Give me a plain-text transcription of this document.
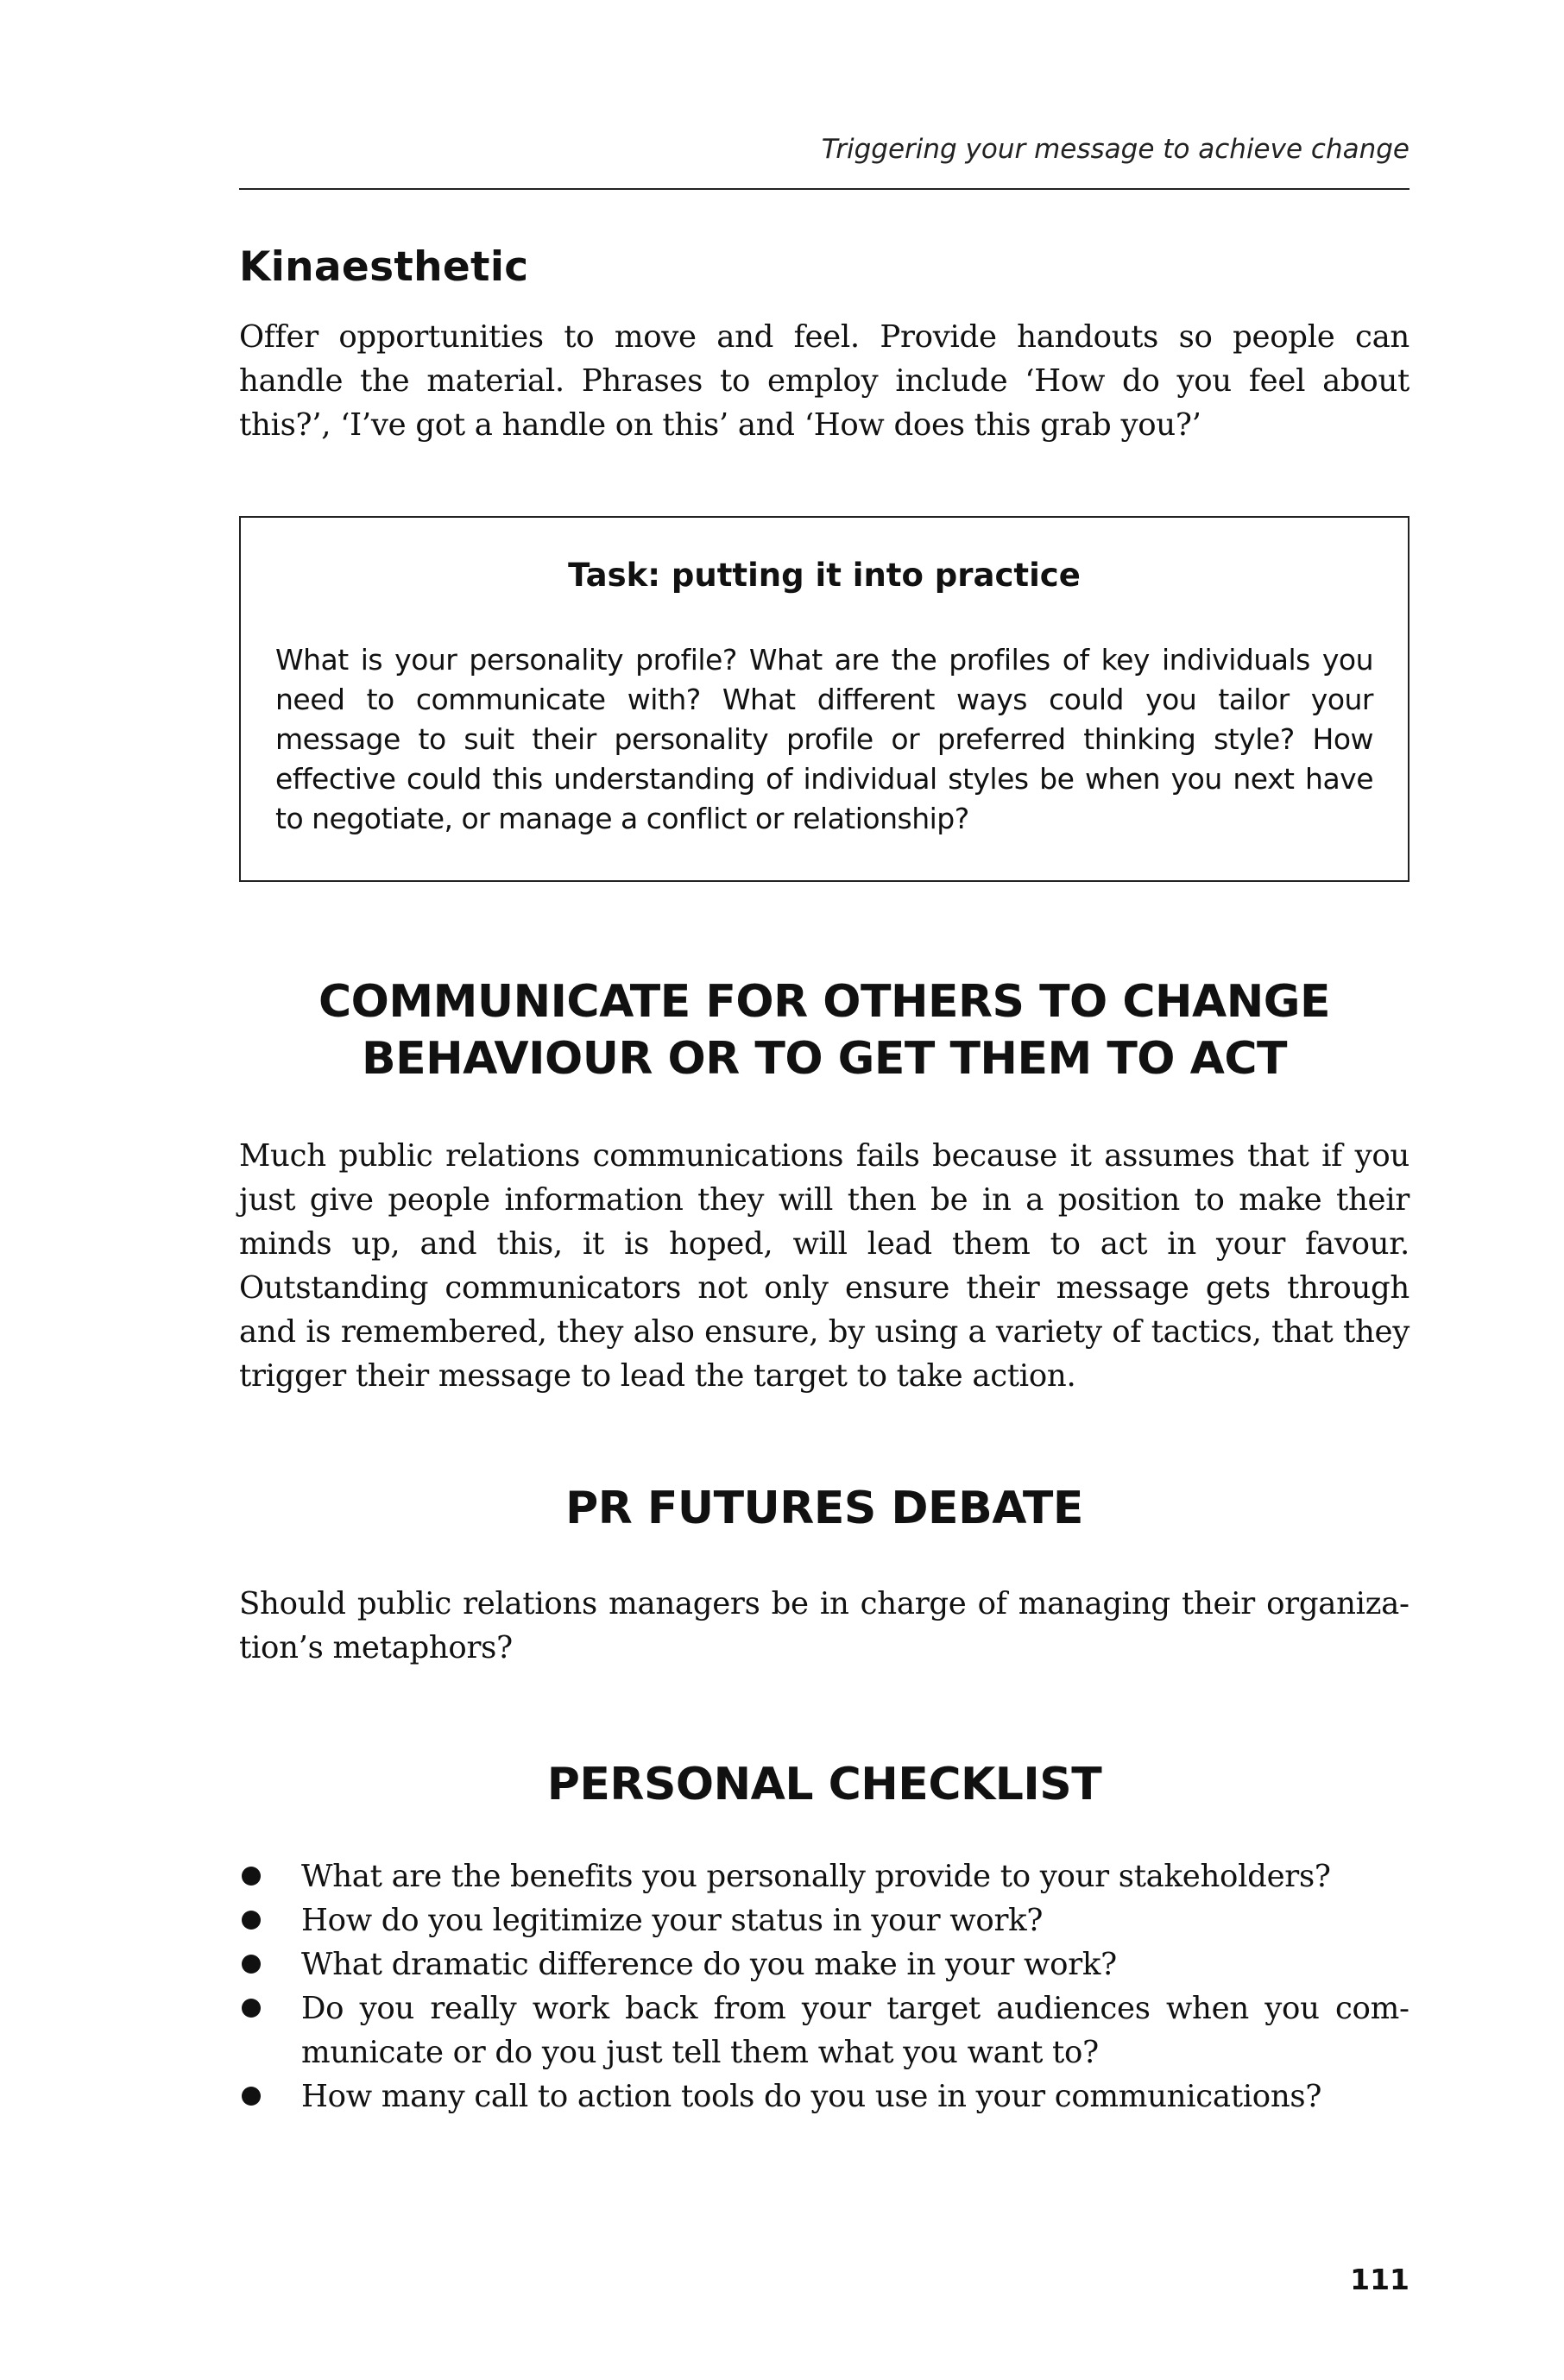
Triggering your message to achieve change
Kinaesthetic

Offer opportunities to move and feel. Provide handouts so people can handle the material. Phrases to employ include ‘How do you feel about this?’, ‘I’ve got a handle on this’ and ‘How does this grab you?’

Task: putting it into practice

What is your personality profile? What are the profiles of key individuals you need to communicate with? What different ways could you tailor your message to suit their personality profile or preferred thinking style? How effective could this understanding of individual styles be when you next have to negotiate, or manage a conflict or relationship?

COMMUNICATE FOR OTHERS TO CHANGE
BEHAVIOUR OR TO GET THEM TO ACT

Much public relations communications fails because it assumes that if you just give people information they will then be in a position to make their minds up, and this, it is hoped, will lead them to act in your favour. Outstanding communicators not only ensure their message gets through and is remembered, they also ensure, by using a variety of tactics, that they trigger their message to lead the target to take action.

PR FUTURES DEBATE

Should public relations managers be in charge of managing their organization’s metaphors?

PERSONAL CHECKLIST
What are the benefits you personally provide to your stakeholders?
How do you legitimize your status in your work?
What dramatic difference do you make in your work?
Do you really work back from your target audiences when you communicate or do you just tell them what you want to?
How many call to action tools do you use in your communications?
111
